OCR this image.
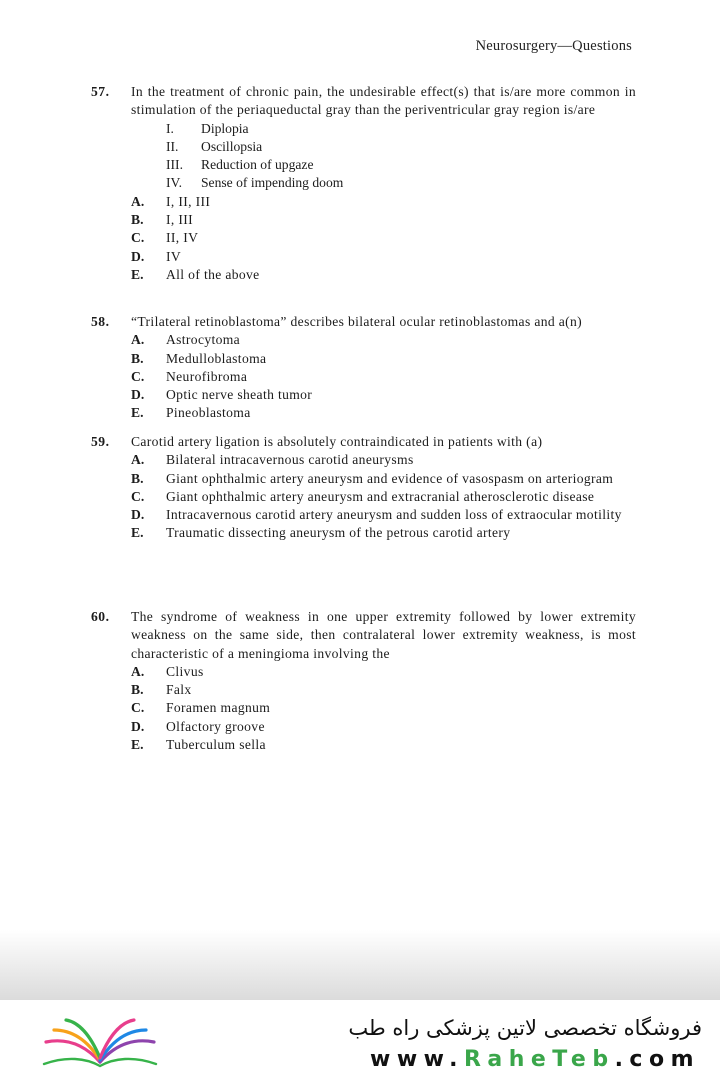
Neurosurgery—Questions
57.	In the treatment of chronic pain, the undesirable effect(s) that is/are more common in stimulation of the periaqueductal gray than the periventricular gray region is/are
I.	Diplopia
II.	Oscillopsia
III.	Reduction of upgaze
IV.	Sense of impending doom
A.	I, II, III
B.	I, III
C.	II, IV
D.	IV
E.	All of the above
58.	“Trilateral retinoblastoma” describes bilateral ocular retinoblastomas and a(n)
A.	Astrocytoma
B.	Medulloblastoma
C.	Neurofibroma
D.	Optic nerve sheath tumor
E.	Pineoblastoma
59.	Carotid artery ligation is absolutely contraindicated in patients with (a)
A.	Bilateral intracavernous carotid aneurysms
B.	Giant ophthalmic artery aneurysm and evidence of vasospasm on arteriogram
C.	Giant ophthalmic artery aneurysm and extracranial atherosclerotic disease
D.	Intracavernous carotid artery aneurysm and sudden loss of extraocular motility
E.	Traumatic dissecting aneurysm of the petrous carotid artery
60.	The syndrome of weakness in one upper extremity followed by lower extremity weakness on the same side, then contralateral lower extremity weakness, is most characteristic of a meningioma involving the
A.	Clivus
B.	Falx
C.	Foramen magnum
D.	Olfactory groove
E.	Tuberculum sella
فروشگاه تخصصی لاتین پزشکی راه طب
www.RaheTeb.com
